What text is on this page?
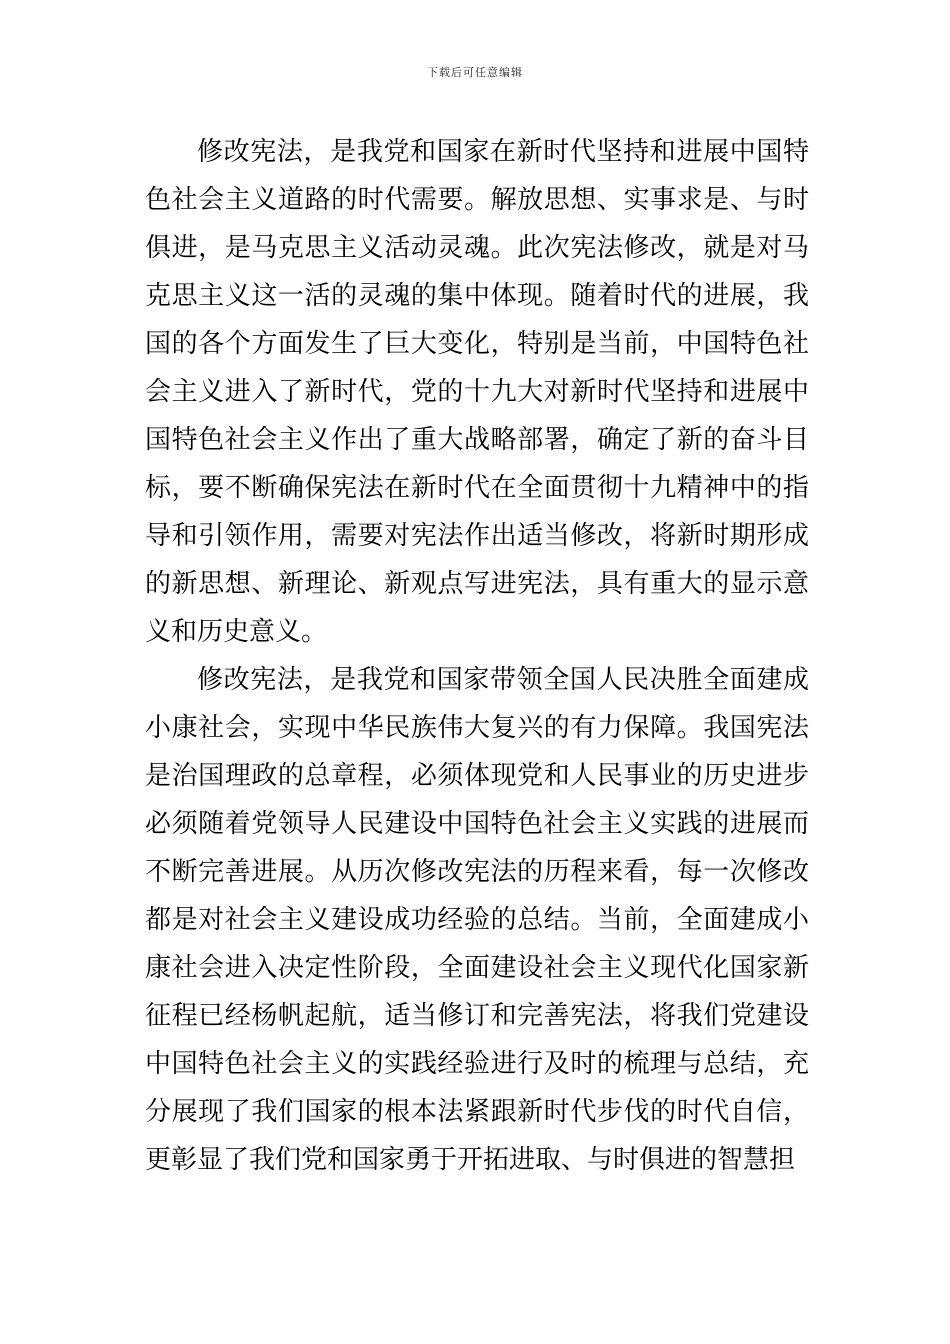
下载后可任意编辑

修改宪法，是我党和国家在新时代坚持和进展中国特色社会主义道路的时代需要。解放思想、实事求是、与时俱进，是马克思主义活动灵魂。此次宪法修改，就是对马克思主义这一活的灵魂的集中体现。随着时代的进展，我国的各个方面发生了巨大变化，特别是当前，中国特色社会主义进入了新时代，党的十九大对新时代坚持和进展中国特色社会主义作出了重大战略部署，确定了新的奋斗目标，要不断确保宪法在新时代在全面贯彻十九精神中的指导和引领作用，需要对宪法作出适当修改，将新时期形成的新思想、新理论、新观点写进宪法，具有重大的显示意义和历史意义。

修改宪法，是我党和国家带领全国人民决胜全面建成小康社会，实现中华民族伟大复兴的有力保障。我国宪法是治国理政的总章程，必须体现党和人民事业的历史进步必须随着党领导人民建设中国特色社会主义实践的进展而不断完善进展。从历次修改宪法的历程来看，每一次修改都是对社会主义建设成功经验的总结。当前，全面建成小康社会进入决定性阶段，全面建设社会主义现代化国家新征程已经杨帆起航，适当修订和完善宪法，将我们党建设中国特色社会主义的实践经验进行及时的梳理与总结，充分展现了我们国家的根本法紧跟新时代步伐的时代自信，更彰显了我们党和国家勇于开拓进取、与时俱进的智慧担
